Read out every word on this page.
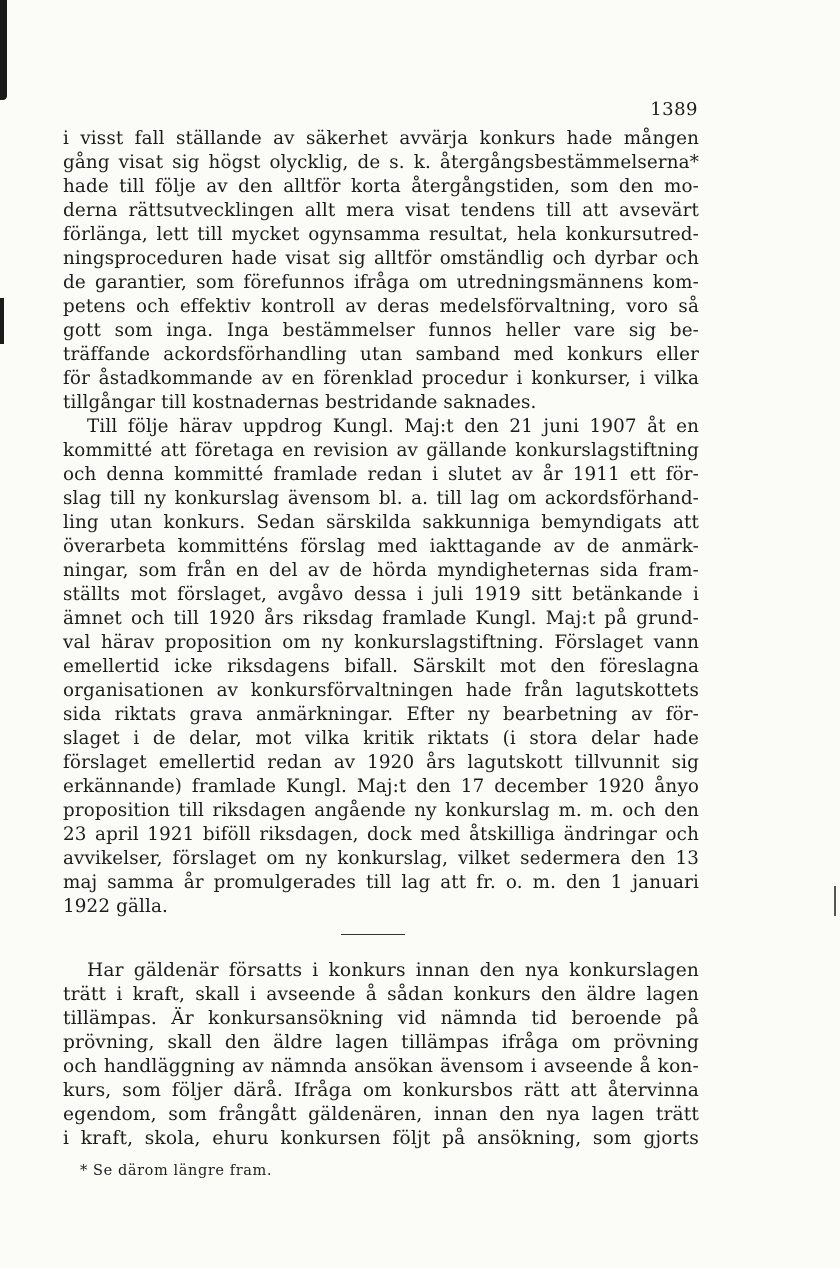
1389
i visst fall ställande av säkerhet avvärja konkurs hade mången
gång visat sig högst olycklig, de s. k. återgångsbestämmelserna*
hade till följe av den alltför korta återgångstiden, som den mo-
derna rättsutvecklingen allt mera visat tendens till att avsevärt
förlänga, lett till mycket ogynsamma resultat, hela konkursutred-
ningsproceduren hade visat sig alltför omständlig och dyrbar och
de garantier, som förefunnos ifråga om utredningsmännens kom-
petens och effektiv kontroll av deras medelsförvaltning, voro så
gott som inga. Inga bestämmelser funnos heller vare sig be-
träffande ackordsförhandling utan samband med konkurs eller
för åstadkommande av en förenklad procedur i konkurser, i vilka
tillgångar till kostnadernas bestridande saknades.
Till följe härav uppdrog Kungl. Maj:t den 21 juni 1907 åt en
kommitté att företaga en revision av gällande konkurslagstiftning
och denna kommitté framlade redan i slutet av år 1911 ett för-
slag till ny konkurslag ävensom bl. a. till lag om ackordsförhand-
ling utan konkurs. Sedan särskilda sakkunniga bemyndigats att
överarbeta kommitténs förslag med iakttagande av de anmärk-
ningar, som från en del av de hörda myndigheternas sida fram-
ställts mot förslaget, avgåvo dessa i juli 1919 sitt betänkande i
ämnet och till 1920 års riksdag framlade Kungl. Maj:t på grund-
val härav proposition om ny konkurslagstiftning. Förslaget vann
emellertid icke riksdagens bifall. Särskilt mot den föreslagna
organisationen av konkursförvaltningen hade från lagutskottets
sida riktats grava anmärkningar. Efter ny bearbetning av för-
slaget i de delar, mot vilka kritik riktats (i stora delar hade
förslaget emellertid redan av 1920 års lagutskott tillvunnit sig
erkännande) framlade Kungl. Maj:t den 17 december 1920 ånyo
proposition till riksdagen angående ny konkurslag m. m. och den
23 april 1921 biföll riksdagen, dock med åtskilliga ändringar och
avvikelser, förslaget om ny konkurslag, vilket sedermera den 13
maj samma år promulgerades till lag att fr. o. m. den 1 januari
1922 gälla.
Har gäldenär försatts i konkurs innan den nya konkurslagen
trätt i kraft, skall i avseende å sådan konkurs den äldre lagen
tillämpas. Är konkursansökning vid nämnda tid beroende på
prövning, skall den äldre lagen tillämpas ifråga om prövning
och handläggning av nämnda ansökan ävensom i avseende å kon-
kurs, som följer därå. Ifråga om konkursbos rätt att återvinna
egendom, som frångått gäldenären, innan den nya lagen trätt
i kraft, skola, ehuru konkursen följt på ansökning, som gjorts
* Se därom längre fram.
